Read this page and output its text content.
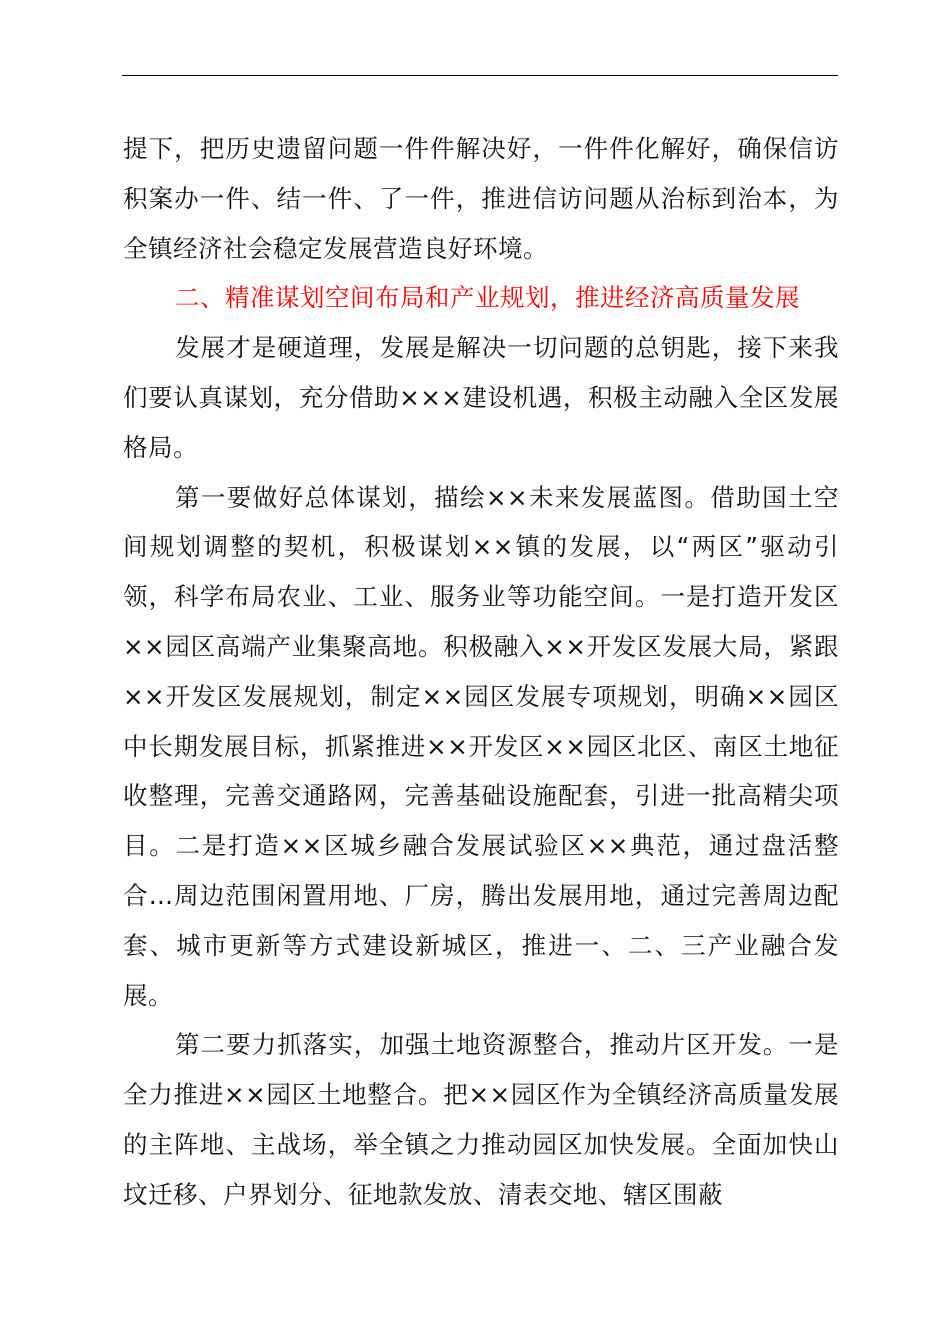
提下，把历史遗留问题一件件解决好，一件件化解好，确保信访积案办一件、结一件、了一件，推进信访问题从治标到治本，为全镇经济社会稳定发展营造良好环境。

二、精准谋划空间布局和产业规划，推进经济高质量发展

发展才是硬道理，发展是解决一切问题的总钥匙，接下来我们要认真谋划，充分借助×××建设机遇，积极主动融入全区发展格局。

第一要做好总体谋划，描绘××未来发展蓝图。借助国土空间规划调整的契机，积极谋划××镇的发展，以“两区”驱动引领，科学布局农业、工业、服务业等功能空间。一是打造开发区××园区高端产业集聚高地。积极融入××开发区发展大局，紧跟××开发区发展规划，制定××园区发展专项规划，明确××园区中长期发展目标，抓紧推进××开发区××园区北区、南区土地征收整理，完善交通路网，完善基础设施配套，引进一批高精尖项目。二是打造××区城乡融合发展试验区××典范，通过盘活整合…周边范围闲置用地、厂房，腾出发展用地，通过完善周边配套、城市更新等方式建设新城区，推进一、二、三产业融合发展。

第二要力抓落实，加强土地资源整合，推动片区开发。一是全力推进××园区土地整合。把××园区作为全镇经济高质量发展的主阵地、主战场，举全镇之力推动园区加快发展。全面加快山坟迁移、户界划分、征地款发放、清表交地、辖区围蔽
